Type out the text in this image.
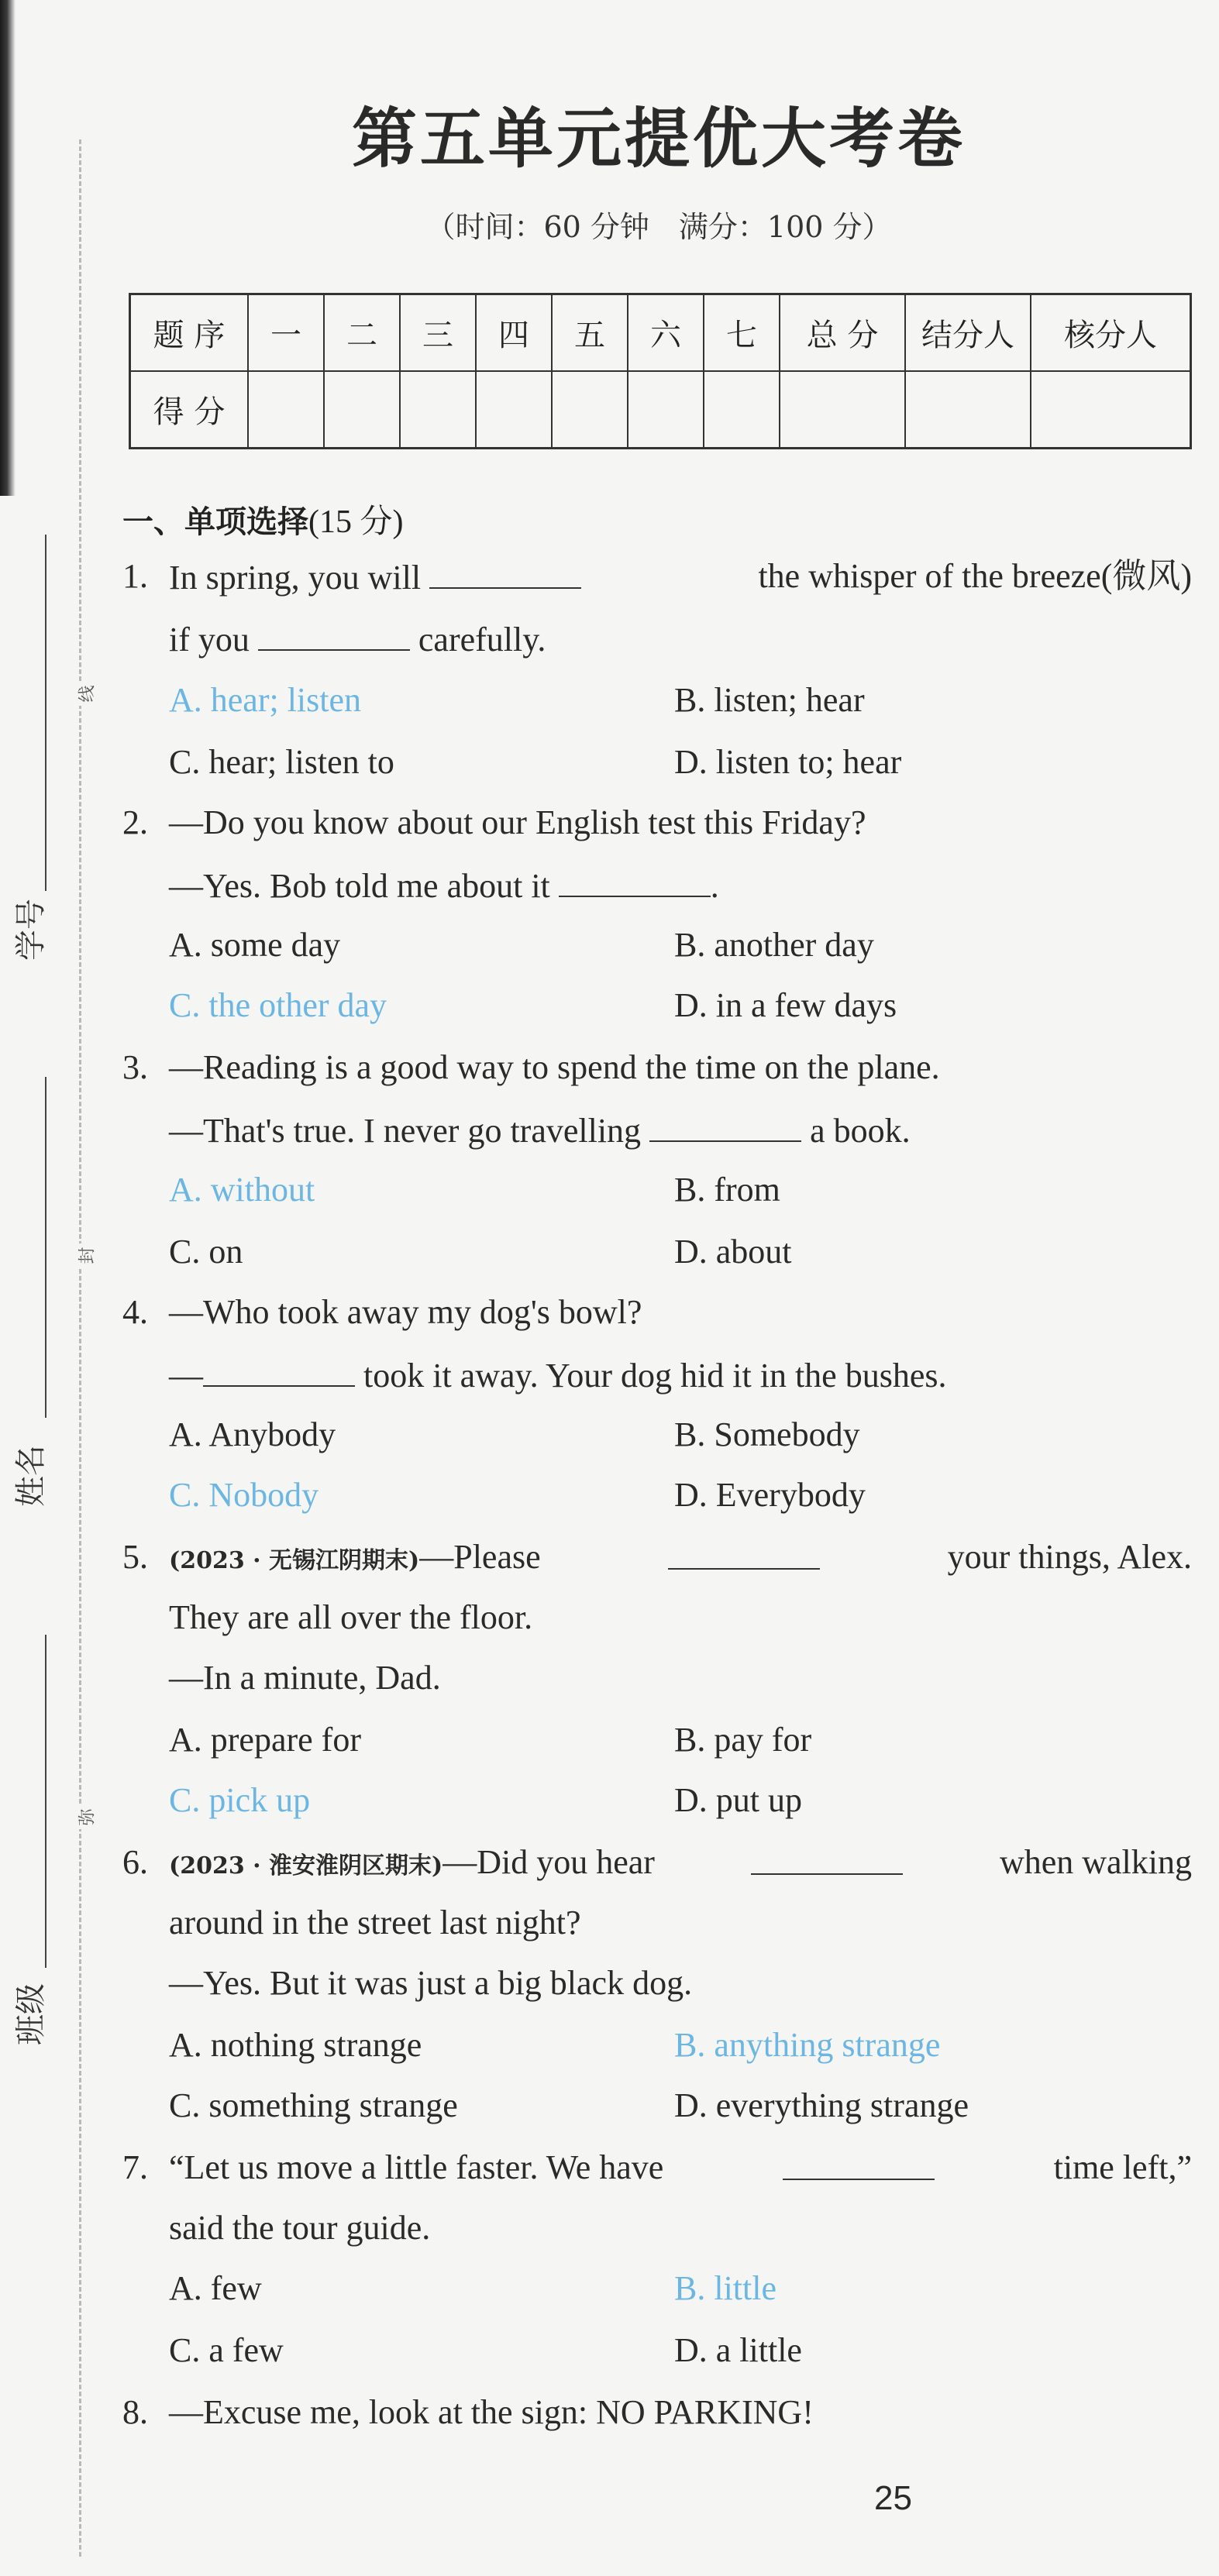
学号
姓名
班级
线
封
弥
第五单元提优大考卷
（时间：60 分钟　满分：100 分）
题 序	一	二	三	四	五	六	七	总 分	结分人	核分人
得 分										
一、单项选择(15 分)
1. In spring, you will	the whisper of the breeze(微风)
if you	carefully.
A. hear; listen	B. listen; hear
C. hear; listen to	D. listen to; hear
2. —Do you know about our English test this Friday?
—Yes. Bob told me about it	.
A. some day	B. another day
C. the other day	D. in a few days
3. —Reading is a good way to spend the time on the plane.
—That's true. I never go travelling	a book.
A. without	B. from
C. on	D. about
4. —Who took away my dog's bowl?
—	took it away. Your dog hid it in the bushes.
A. Anybody	B. Somebody
C. Nobody	D. Everybody
5. (2023 · 无锡江阴期末)—Please	your things, Alex.
They are all over the floor.
—In a minute, Dad.
A. prepare for	B. pay for
C. pick up	D. put up
6. (2023 · 淮安淮阴区期末)—Did you hear	when walking
around in the street last night?
—Yes. But it was just a big black dog.
A. nothing strange	B. anything strange
C. something strange	D. everything strange
7. “Let us move a little faster. We have	time left,”
said the tour guide.
A. few	B. little
C. a few	D. a little
8. —Excuse me, look at the sign: NO PARKING!
25
